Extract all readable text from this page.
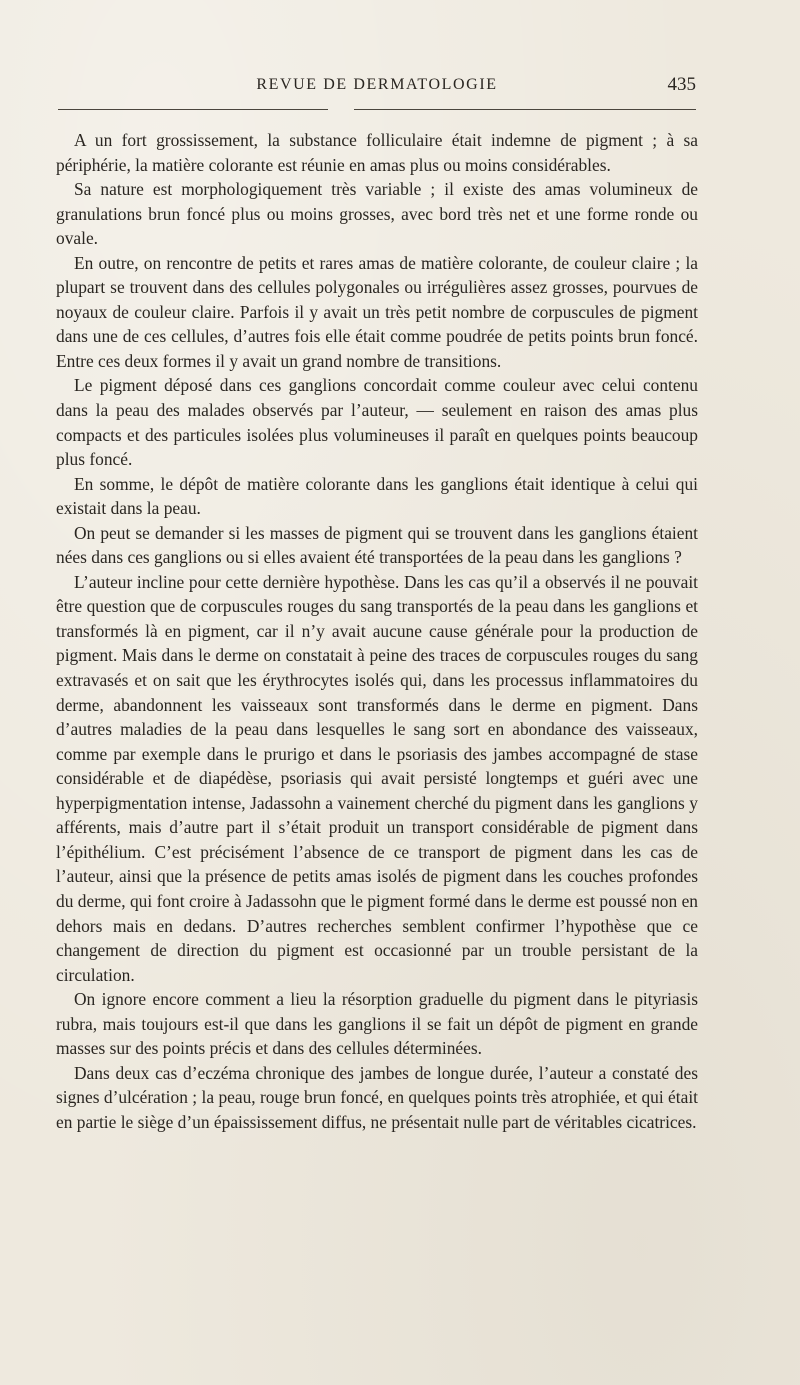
REVUE DE DERMATOLOGIE	435

A un fort grossissement, la substance folliculaire était indemne de pigment ; à sa périphérie, la matière colorante est réunie en amas plus ou moins considérables.

Sa nature est morphologiquement très variable ; il existe des amas volumineux de granulations brun foncé plus ou moins grosses, avec bord très net et une forme ronde ou ovale.

En outre, on rencontre de petits et rares amas de matière colorante, de couleur claire ; la plupart se trouvent dans des cellules polygonales ou irrégulières assez grosses, pourvues de noyaux de couleur claire. Parfois il y avait un très petit nombre de corpuscules de pigment dans une de ces cellules, d’autres fois elle était comme poudrée de petits points brun foncé. Entre ces deux formes il y avait un grand nombre de transitions.

Le pigment déposé dans ces ganglions concordait comme couleur avec celui contenu dans la peau des malades observés par l’auteur, — seulement en raison des amas plus compacts et des particules isolées plus volumineuses il paraît en quelques points beaucoup plus foncé.

En somme, le dépôt de matière colorante dans les ganglions était identique à celui qui existait dans la peau.

On peut se demander si les masses de pigment qui se trouvent dans les ganglions étaient nées dans ces ganglions ou si elles avaient été transportées de la peau dans les ganglions ?

L’auteur incline pour cette dernière hypothèse. Dans les cas qu’il a observés il ne pouvait être question que de corpuscules rouges du sang transportés de la peau dans les ganglions et transformés là en pigment, car il n’y avait aucune cause générale pour la production de pigment. Mais dans le derme on constatait à peine des traces de corpuscules rouges du sang extravasés et on sait que les érythrocytes isolés qui, dans les processus inflammatoires du derme, abandonnent les vaisseaux sont transformés dans le derme en pigment. Dans d’autres maladies de la peau dans lesquelles le sang sort en abondance des vaisseaux, comme par exemple dans le prurigo et dans le psoriasis des jambes accompagné de stase considérable et de diapédèse, psoriasis qui avait persisté longtemps et guéri avec une hyperpigmentation intense, Jadassohn a vainement cherché du pigment dans les ganglions y afférents, mais d’autre part il s’était produit un transport considérable de pigment dans l’épithélium. C’est précisément l’absence de ce transport de pigment dans les cas de l’auteur, ainsi que la présence de petits amas isolés de pigment dans les couches profondes du derme, qui font croire à Jadassohn que le pigment formé dans le derme est poussé non en dehors mais en dedans. D’autres recherches semblent confirmer l’hypothèse que ce changement de direction du pigment est occasionné par un trouble persistant de la circulation.

On ignore encore comment a lieu la résorption graduelle du pigment dans le pityriasis rubra, mais toujours est-il que dans les ganglions il se fait un dépôt de pigment en grande masses sur des points précis et dans des cellules déterminées.

Dans deux cas d’eczéma chronique des jambes de longue durée, l’auteur a constaté des signes d’ulcération ; la peau, rouge brun foncé, en quelques points très atrophiée, et qui était en partie le siège d’un épaississement diffus, ne présentait nulle part de véritables cicatrices.
